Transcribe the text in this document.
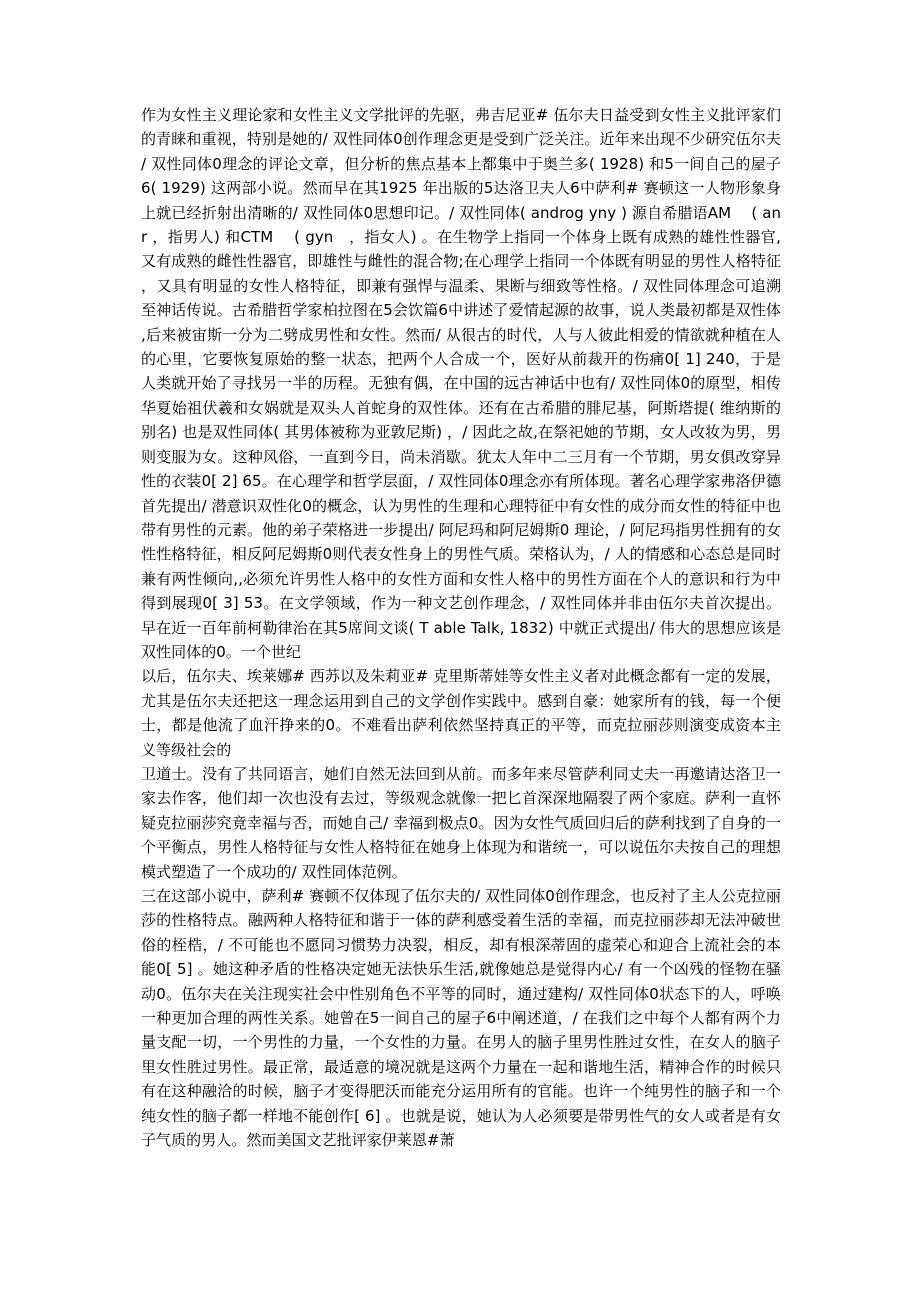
作为女性主义理论家和女性主义文学批评的先驱，弗吉尼亚# 伍尔夫日益受到女性主义批评家们的青睐和重视，特别是她的/ 双性同体0创作理念更是受到广泛关注。近年来出现不少研究伍尔夫/ 双性同体0理念的评论文章，但分析的焦点基本上都集中于奥兰多( 1928) 和5一间自己的屋子6( 1929) 这两部小说。然而早在其1925 年出版的5达洛卫夫人6中萨利# 赛顿这一人物形象身上就已经折射出清晰的/ 双性同体0思想印记。/ 双性同体( androg yny ) 源自希腊语AM　 ( an　r ，指男人) 和CTM　 ( gyn　，指女人) 。在生物学上指同一个体身上既有成熟的雄性性器官,又有成熟的雌性性器官，即雄性与雌性的混合物;在心理学上指同一个体既有明显的男性人格特征，又具有明显的女性人格特征，即兼有强悍与温柔、果断与细致等性格。/ 双性同体理念可追溯至神话传说。古希腊哲学家柏拉图在5会饮篇6中讲述了爱情起源的故事，说人类最初都是双性体,后来被宙斯一分为二劈成男性和女性。然而/ 从很古的时代，人与人彼此相爱的情欲就种植在人的心里，它要恢复原始的整一状态，把两个人合成一个，医好从前裁开的伤痛0[ 1] 240，于是人类就开始了寻找另一半的历程。无独有偶，在中国的远古神话中也有/ 双性同体0的原型，相传华夏始祖伏羲和女娲就是双头人首蛇身的双性体。还有在古希腊的腓尼基，阿斯塔提( 维纳斯的别名) 也是双性同体( 其男体被称为亚敦尼斯) ，/ 因此之故,在祭祀她的节期，女人改妆为男，男则变服为女。这种风俗，一直到今日，尚未消歇。犹太人年中二三月有一个节期，男女俱改穿异性的衣装0[ 2] 65。在心理学和哲学层面，/ 双性同体0理念亦有所体现。著名心理学家弗洛伊德首先提出/ 潜意识双性化0的概念，认为男性的生理和心理特征中有女性的成分而女性的特征中也带有男性的元素。他的弟子荣格进一步提出/ 阿尼玛和阿尼姆斯0 理论，/ 阿尼玛指男性拥有的女性性格特征，相反阿尼姆斯0则代表女性身上的男性气质。荣格认为，/ 人的情感和心态总是同时兼有两性倾向,,必须允许男性人格中的女性方面和女性人格中的男性方面在个人的意识和行为中得到展现0[ 3] 53。在文学领域，作为一种文艺创作理念，/ 双性同体并非由伍尔夫首次提出。早在近一百年前柯勒律治在其5席间文谈( T able Talk, 1832) 中就正式提出/ 伟大的思想应该是双性同体的0。一个世纪

以后，伍尔夫、埃莱娜# 西苏以及朱莉亚# 克里斯蒂娃等女性主义者对此概念都有一定的发展，尤其是伍尔夫还把这一理念运用到自己的文学创作实践中。感到自豪：她家所有的钱，每一个便士，都是他流了血汗挣来的0。不难看出萨利依然坚持真正的平等，而克拉丽莎则演变成资本主义等级社会的

卫道士。没有了共同语言，她们自然无法回到从前。而多年来尽管萨利同丈夫一再邀请达洛卫一家去作客，他们却一次也没有去过，等级观念就像一把匕首深深地隔裂了两个家庭。萨利一直怀疑克拉丽莎究竟幸福与否，而她自己/ 幸福到极点0。因为女性气质回归后的萨利找到了自身的一个平衡点，男性人格特征与女性人格特征在她身上体现为和谐统一，可以说伍尔夫按自己的理想模式塑造了一个成功的/ 双性同体范例。

三在这部小说中，萨利# 赛顿不仅体现了伍尔夫的/ 双性同体0创作理念，也反衬了主人公克拉丽莎的性格特点。融两种人格特征和谐于一体的萨利感受着生活的幸福，而克拉丽莎却无法冲破世俗的桎梏，/ 不可能也不愿同习惯势力决裂，相反，却有根深蒂固的虚荣心和迎合上流社会的本能0[ 5] 。她这种矛盾的性格决定她无法快乐生活,就像她总是觉得内心/ 有一个凶残的怪物在骚动0。伍尔夫在关注现实社会中性别角色不平等的同时，通过建构/ 双性同体0状态下的人，呼唤一种更加合理的两性关系。她曾在5一间自己的屋子6中阐述道，/ 在我们之中每个人都有两个力量支配一切，一个男性的力量，一个女性的力量。在男人的脑子里男性胜过女性，在女人的脑子里女性胜过男性。最正常，最适意的境况就是这两个力量在一起和谐地生活，精神合作的时候只有在这种融洽的时候，脑子才变得肥沃而能充分运用所有的官能。也许一个纯男性的脑子和一个纯女性的脑子都一样地不能创作[ 6] 。也就是说，她认为人必须要是带男性气的女人或者是有女子气质的男人。然而美国文艺批评家伊莱恩#萧
